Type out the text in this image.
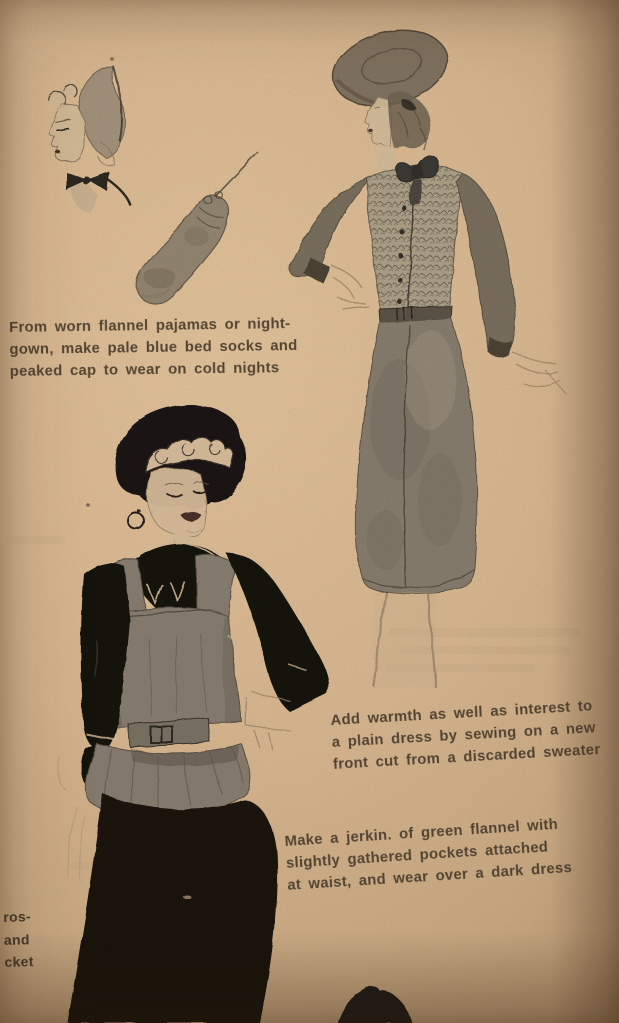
From worn flannel pajamas or night-
gown, make pale blue bed socks and
peaked cap to wear on cold nights
Add warmth as well as interest to
a plain dress by sewing on a new
front cut from a discarded sweater
Make a jerkin. of green flannel with
slightly gathered pockets attached
at waist, and wear over a dark dress
ros-
and
cket
